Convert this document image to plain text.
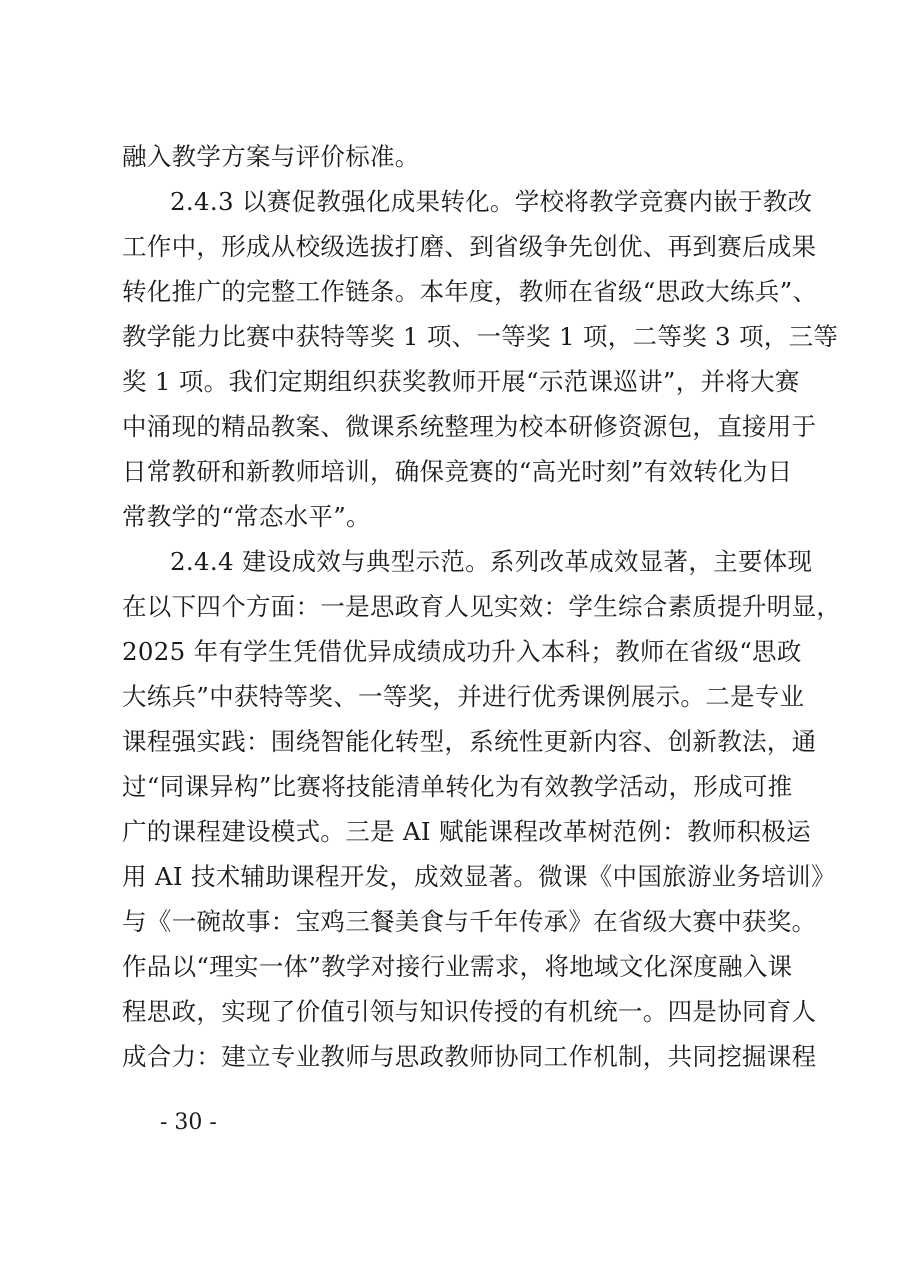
融入教学方案与评价标准。
2.4.3 以赛促教强化成果转化。学校将教学竞赛内嵌于教改
工作中，形成从校级选拔打磨、到省级争先创优、再到赛后成果
转化推广的完整工作链条。本年度，教师在省级“思政大练兵”、
教学能力比赛中获特等奖 1 项、一等奖 1 项，二等奖 3 项，三等
奖 1 项。我们定期组织获奖教师开展“示范课巡讲”，并将大赛
中涌现的精品教案、微课系统整理为校本研修资源包，直接用于
日常教研和新教师培训，确保竞赛的“高光时刻”有效转化为日
常教学的“常态水平”。
2.4.4 建设成效与典型示范。系列改革成效显著，主要体现
在以下四个方面：一是思政育人见实效：学生综合素质提升明显，
2025 年有学生凭借优异成绩成功升入本科；教师在省级“思政
大练兵”中获特等奖、一等奖，并进行优秀课例展示。二是专业
课程强实践：围绕智能化转型，系统性更新内容、创新教法，通
过“同课异构”比赛将技能清单转化为有效教学活动，形成可推
广的课程建设模式。三是 AI 赋能课程改革树范例：教师积极运
用 AI 技术辅助课程开发，成效显著。微课《中国旅游业务培训》
与《一碗故事：宝鸡三餐美食与千年传承》在省级大赛中获奖。
作品以“理实一体”教学对接行业需求，将地域文化深度融入课
程思政，实现了价值引领与知识传授的有机统一。四是协同育人
成合力：建立专业教师与思政教师协同工作机制，共同挖掘课程
- 30 -
